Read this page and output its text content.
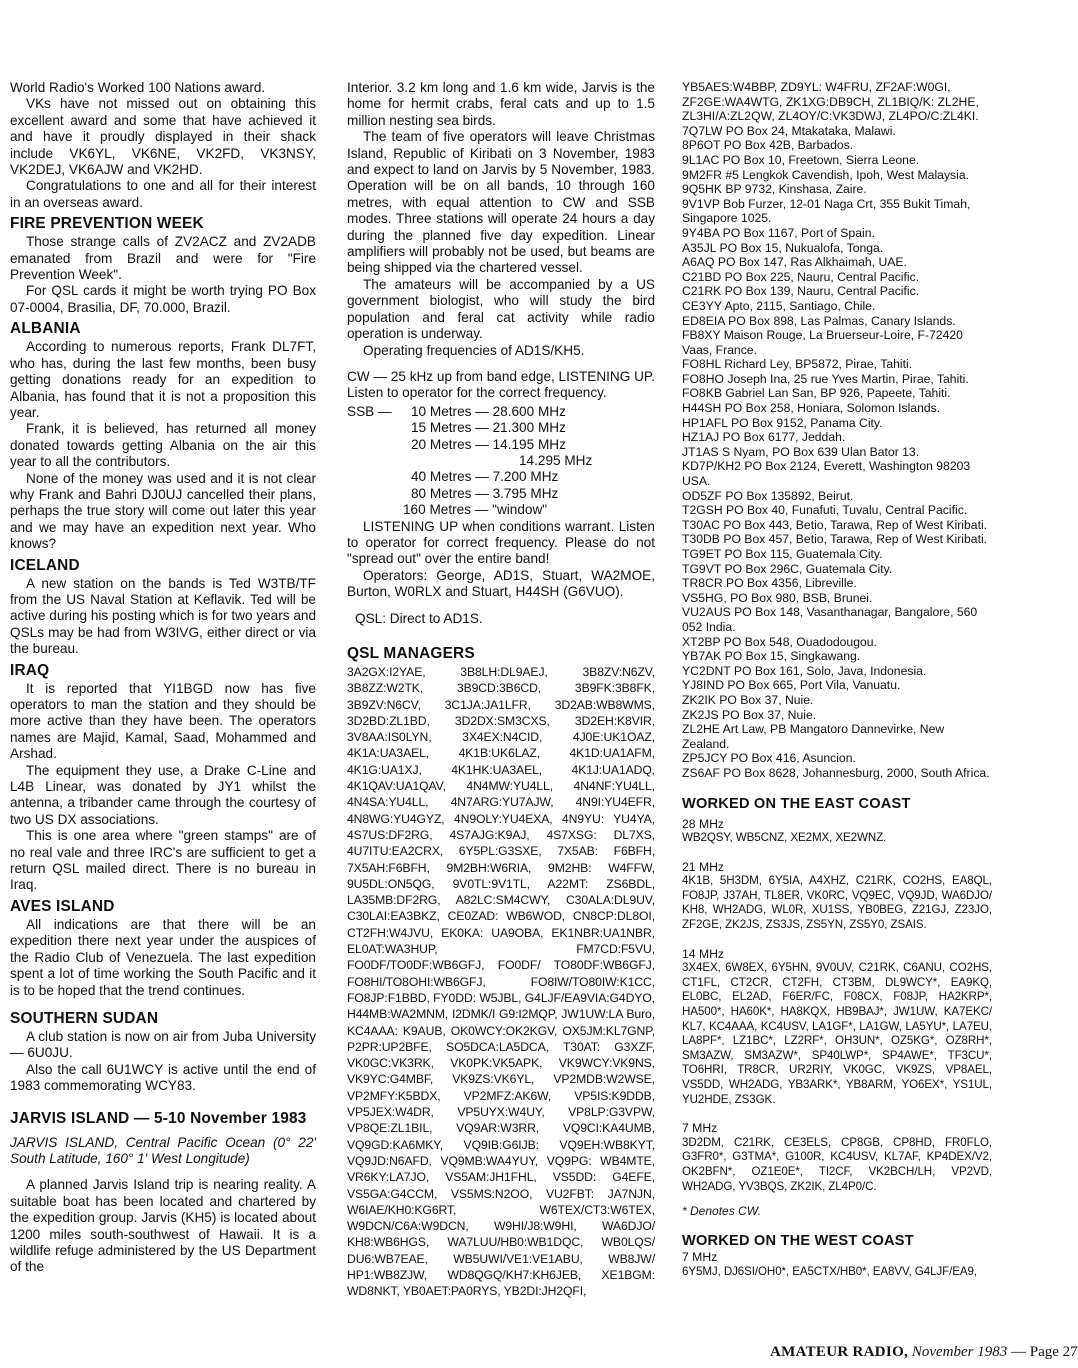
World Radio's Worked 100 Nations award.

VKs have not missed out on obtaining this excellent award and some that have achieved it and have it proudly displayed in their shack include VK6YL, VK6NE, VK2FD, VK3NSY, VK2DEJ, VK6AJW and VK2HD.

Congratulations to one and all for their interest in an overseas award.

FIRE PREVENTION WEEK

Those strange calls of ZV2ACZ and ZV2ADB emanated from Brazil and were for "Fire Prevention Week".

For QSL cards it might be worth trying PO Box 07-0004, Brasilia, DF, 70.000, Brazil.

ALBANIA

According to numerous reports, Frank DL7FT, who has, during the last few months, been busy getting donations ready for an expedition to Albania, has found that it is not a proposition this year.

Frank, it is believed, has returned all money donated towards getting Albania on the air this year to all the contributors.

None of the money was used and it is not clear why Frank and Bahri DJ0UJ cancelled their plans, perhaps the true story will come out later this year and we may have an expedition next year. Who knows?

ICELAND

A new station on the bands is Ted W3TB/TF from the US Naval Station at Keflavik. Ted will be active during his posting which is for two years and QSLs may be had from W3IVG, either direct or via the bureau.

IRAQ

It is reported that YI1BGD now has five operators to man the station and they should be more active than they have been. The operators names are Majid, Kamal, Saad, Mohammed and Arshad.

The equipment they use, a Drake C-Line and L4B Linear, was donated by JY1 whilst the antenna, a tribander came through the courtesy of two US DX associations.

This is one area where "green stamps" are of no real vale and three IRC's are sufficient to get a return QSL mailed direct. There is no bureau in Iraq.

AVES ISLAND

All indications are that there will be an expedition there next year under the auspices of the Radio Club of Venezuela. The last expedition spent a lot of time working the South Pacific and it is to be hoped that the trend continues.

SOUTHERN SUDAN

A club station is now on air from Juba University — 6U0JU.

Also the call 6U1WCY is active until the end of 1983 commemorating WCY83.

JARVIS ISLAND — 5-10 November 1983
JARVIS ISLAND, Central Pacific Ocean (0° 22' South Latitude, 160° 1' West Longitude)

A planned Jarvis Island trip is nearing reality. A suitable boat has been located and chartered by the expedition group. Jarvis (KH5) is located about 1200 miles south-southwest of Hawaii. It is a wildlife refuge administered by the US Department of the

Interior. 3.2 km long and 1.6 km wide, Jarvis is the home for hermit crabs, feral cats and up to 1.5 million nesting sea birds.

The team of five operators will leave Christmas Island, Republic of Kiribati on 3 November, 1983 and expect to land on Jarvis by 5 November, 1983. Operation will be on all bands, 10 through 160 metres, with equal attention to CW and SSB modes. Three stations will operate 24 hours a day during the planned five day expedition. Linear amplifiers will probably not be used, but beams are being shipped via the chartered vessel.

The amateurs will be accompanied by a US government biologist, who will study the bird population and feral cat activity while radio operation is underway.

Operating frequencies of AD1S/KH5.

CW — 25 kHz up from band edge, LISTENING UP. Listen to operator for the correct frequency.

SSB —	10 Metres — 28.600 MHz
15 Metres — 21.300 MHz
20 Metres — 14.195 MHz
14.295 MHz
40 Metres — 7.200 MHz
80 Metres — 3.795 MHz
160 Metres — "window"

LISTENING UP when conditions warrant. Listen to operator for correct frequency. Please do not "spread out" over the entire band!

Operators: George, AD1S, Stuart, WA2MOE, Burton, W0RLX and Stuart, H44SH (G6VUO).

QSL: Direct to AD1S.

QSL MANAGERS
3A2GX:I2YAE, 3B8LH:DL9AEJ, 3B8ZV:N6ZV, 3B8ZZ:W2TK, 3B9CD:3B6CD, 3B9FK:3B8FK, 3B9ZV:N6CV, 3C1JA:JA1LFR, 3D2AB:WB8WMS, 3D2BD:ZL1BD, 3D2DX:SM3CXS, 3D2EH:K8VIR, 3V8AA:IS0LYN, 3X4EX:N4CID, 4J0E:UK1OAZ, 4K1A:UA3AEL, 4K1B:UK6LAZ, 4K1D:UA1AFM, 4K1G:UA1XJ, 4K1HK:UA3AEL, 4K1J:UA1ADQ, 4K1QAV:UA1QAV, 4N4MW:YU4LL, 4N4NF:YU4LL, 4N4SA:YU4LL, 4N7ARG:YU7AJW, 4N9I:YU4EFR, 4N8WG:YU4GYZ, 4N9OLY:YU4EXA, 4N9YU: YU4YA, 4S7US:DF2RG, 4S7AJG:K9AJ, 4S7XSG: DL7XS, 4U7ITU:EA2CRX, 6Y5PL:G3SXE, 7X5AB: F6BFH, 7X5AH:F6BFH, 9M2BH:W6RIA, 9M2HB: W4FFW, 9U5DL:ON5QG, 9V0TL:9V1TL, A22MT: ZS6BDL, LA35MB:DF2RG, A82LC:SM4CWY, C30ALA:DL9UV, C30LAI:EA3BKZ, CE0ZAD: WB6WOD, CN8CP:DL8OI, CT2FH:W4JVU, EK0KA: UA9OBA, EK1NBR:UA1NBR, EL0AT:WA3HUP, FM7CD:F5VU, FO0DF/TO0DF:WB6GFJ, FO0DF/ TO80DF:WB6GFJ, FO8HI/TO8OHI:WB6GFJ, FO8IW/TO80IW:K1CC, FO8JP:F1BBD, FY0DD: W5JBL, G4LJF/EA9VIA:G4DYO, H44MB:WA2MNM, I2DMK/I G9:I2MQP, JW1UW:LA Buro, KC4AAA: K9AUB, OK0WCY:OK2KGV, OX5JM:KL7GNP, P2PR:UP2BFE, SO5DCA:LA5DCA, T30AT: G3XZF, VK0GC:VK3RK, VK0PK:VK5APK, VK9WCY:VK9NS, VK9YC:G4MBF, VK9ZS:VK6YL, VP2MDB:W2WSE, VP2MFY:K5BDX, VP2MFZ:AK6W, VP5IS:K9DDB, VP5JEX:W4DR, VP5UYX:W4UY, VP8LP:G3VPW, VP8QE:ZL1BIL, VQ9AR:W3RR, VQ9CI:KA4UMB, VQ9GD:KA6MKY, VQ9IB:G6IJB: VQ9EH:WB8KYT, VQ9JD:N6AFD, VQ9MB:WA4YUY, VQ9PG: WB4MTE, VR6KY:LA7JO, VS5AM:JH1FHL, VS5DD: G4EFE, VS5GA:G4CCM, VS5MS:N2OO, VU2FBT: JA7NJN, W6IAE/KH0:KG6RT, W6TEX/CT3:W6TEX, W9DCN/C6A:W9DCN, W9HI/J8:W9HI, WA6DJO/ KH8:WB6HGS, WA7LUU/HB0:WB1DQC, WB0LQS/ DU6:WB7EAE, WB5UWI/VE1:VE1ABU, WB8JW/ HP1:WB8ZJW, WD8QGQ/KH7:KH6JEB, XE1BGM: WD8NKT, YB0AET:PA0RYS, YB2DI:JH2QFI,
YB5AES:W4BBP, ZD9YL: W4FRU, ZF2AF:W0GI, ZF2GE:WA4WTG, ZK1XG:DB9CH, ZL1BIQ/K: ZL2HE, ZL3HI/A:ZL2QW, ZL4OY/C:VK3DWJ, ZL4PO/C:ZL4KI.
7Q7LW PO Box 24, Mtakataka, Malawi.
8P6OT PO Box 42B, Barbados.
9L1AC PO Box 10, Freetown, Sierra Leone.
9M2FR #5 Lengkok Cavendish, Ipoh, West Malaysia.
9Q5HK BP 9732, Kinshasa, Zaire.
9V1VP Bob Furzer, 12-01 Naga Crt, 355 Bukit Timah, Singapore 1025.
9Y4BA PO Box 1167, Port of Spain.
A35JL PO Box 15, Nukualofa, Tonga.
A6AQ PO Box 147, Ras Alkhaimah, UAE.
C21BD PO Box 225, Nauru, Central Pacific.
C21RK PO Box 139, Nauru, Central Pacific.
CE3YY Apto, 2115, Santiago, Chile.
ED8EIA PO Box 898, Las Palmas, Canary Islands.
FB8XY Maison Rouge, La Bruerseur-Loire, F-72420 Vaas, France.
FO8HL Richard Ley, BP5872, Pirae, Tahiti.
FO8HO Joseph Ina, 25 rue Yves Martin, Pirae, Tahiti.
FO8KB Gabriel Lan San, BP 926, Papeete, Tahiti.
H44SH PO Box 258, Honiara, Solomon Islands.
HP1AFL PO Box 9152, Panama City.
HZ1AJ PO Box 6177, Jeddah.
JT1AS S Nyam, PO Box 639 Ulan Bator 13.
KD7P/KH2 PO Box 2124, Everett, Washington 98203 USA.
OD5ZF PO Box 135892, Beirut.
T2GSH PO Box 40, Funafuti, Tuvalu, Central Pacific.
T30AC PO Box 443, Betio, Tarawa, Rep of West Kiribati.
T30DB PO Box 457, Betio, Tarawa, Rep of West Kiribati.
TG9ET PO Box 115, Guatemala City.
TG9VT PO Box 296C, Guatemala City.
TR8CR PO Box 4356, Libreville.
VS5HG, PO Box 980, BSB, Brunei.
VU2AUS PO Box 148, Vasanthanagar, Bangalore, 560 052 India.
XT2BP PO Box 548, Ouadodougou.
YB7AK PO Box 15, Singkawang.
YC2DNT PO Box 161, Solo, Java, Indonesia.
YJ8IND PO Box 665, Port Vila, Vanuatu.
ZK2IK PO Box 37, Nuie.
ZK2JS PO Box 37, Nuie.
ZL2HE Art Law, PB Mangatoro Dannevirke, New Zealand.
ZP5JCY PO Box 416, Asuncion.
ZS6AF PO Box 8628, Johannesburg, 2000, South Africa.
WORKED ON THE EAST COAST
28 MHz
WB2QSY, WB5CNZ, XE2MX, XE2WNZ.
21 MHz
4K1B, 5H3DM, 6Y5IA, A4XHZ, C21RK, CO2HS, EA8QL, FO8JP, J37AH, TL8ER, VK0RC, VQ9EC, VQ9JD, WA6DJO/ KH8, WH2ADG, WL0R, XU1SS, YB0BEG, Z21GJ, Z23JO, ZF2GE, ZK2JS, ZS3JS, ZS5YN, ZS5Y0, ZSAIS.
14 MHz
3X4EX, 6W8EX, 6Y5HN, 9V0UV, C21RK, C6ANU, CO2HS, CT1FL, CT2CR, CT2FH, CT3BM, DL9WCY*, EA9KQ, EL0BC, EL2AD, F6ER/FC, F08CX, F08JP, HA2KRP*, HA500*, HA60K*, HA8KQX, HB9BAJ*, JW1UW, KA7EKC/ KL7, KC4AAA, KC4USV, LA1GF*, LA1GW, LA5YU*, LA7EU, LA8PF*, LZ1BC*, LZ2RF*, OH3UN*, OZ5KG*, OZ8RH*, SM3AZW, SM3AZW*, SP40LWP*, SP4AWE*, TF3CU*, TO6HRI, TR8CR, UR2RIY, VK0GC, VK9ZS, VP8AEL, VS5DD, WH2ADG, YB3ARK*, YB8ARM, YO6EX*, YS1UL, YU2HDE, ZS3GK.
7 MHz
3D2DM, C21RK, CE3ELS, CP8GB, CP8HD, FR0FLO, G3FR0*, G3TMA*, G100R, KC4USV, KL7AF, KP4DEX/V2, OK2BFN*, OZ1E0E*, TI2CF, VK2BCH/LH, VP2VD, WH2ADG, YV3BQS, ZK2IK, ZL4P0/C.
* Denotes CW.
WORKED ON THE WEST COAST
7 MHz
6Y5MJ, DJ6SI/OH0*, EA5CTX/HB0*, EA8VV, G4LJF/EA9,
AMATEUR RADIO, November 1983 — Page 27
